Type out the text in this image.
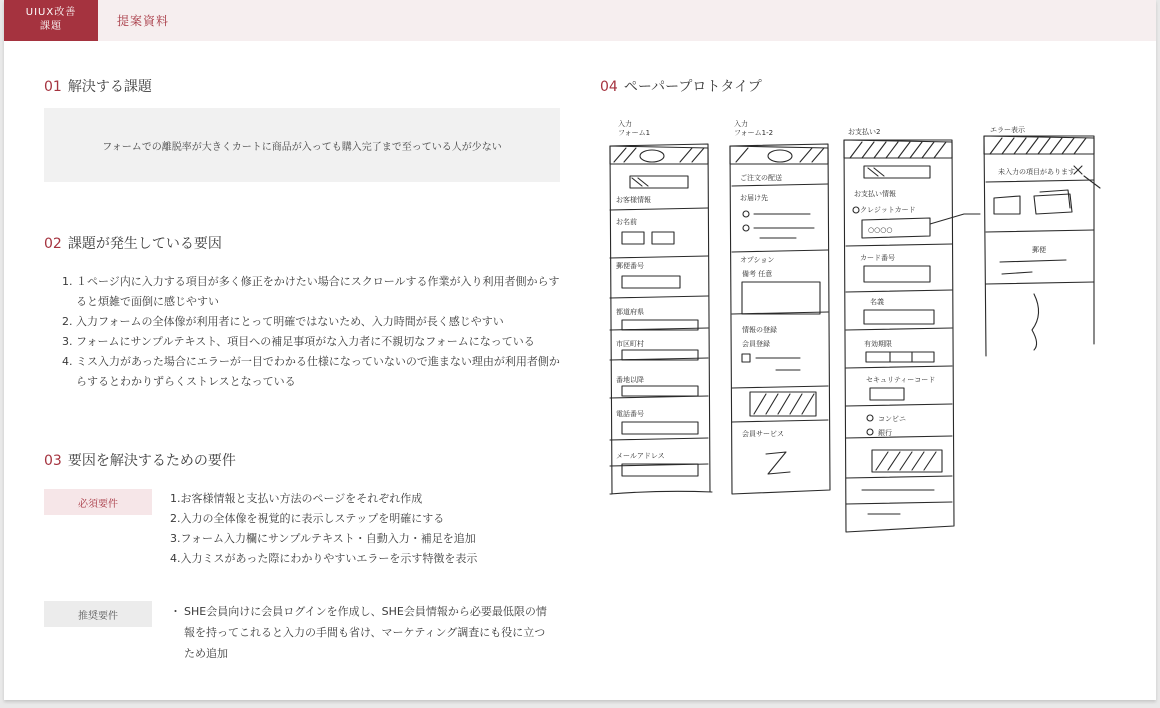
UIUX改善
課題	提案資料
01 解決する課題
フォームでの離脱率が大きくカートに商品が入っても購入完了まで至っている人が少ない
02 課題が発生している要因
1. １ページ内に入力する項目が多く修正をかけたい場合にスクロールする作業が入り利用者側からすると煩雑で面倒に感じやすい
2. 入力フォームの全体像が利用者にとって明確ではないため、入力時間が長く感じやすい
3. フォームにサンプルテキスト、項目への補足事項がな入力者に不親切なフォームになっている
4. ミス入力があった場合にエラーが一目でわかる仕様になっていないので進まない理由が利用者側からするとわかりずらくストレスとなっている
03 要因を解決するための要件
必須要件	1.お客様情報と支払い方法のページをそれぞれ作成
2.入力の全体像を視覚的に表示しステップを明確にする
3.フォーム入力欄にサンプルテキスト・自動入力・補足を追加
4.入力ミスがあった際にわかりやすいエラーを示す特徴を表示
推奨要件	・ SHE会員向けに会員ログインを作成し、SHE会員情報から必要最低限の情報を持ってこれると入力の手間も省け、マーケティング調査にも役に立つため追加
04 ペーパープロトタイプ
入力フォーム1
お客様情報
お名前
郵便番号
都道府県
市区町村
番地以降
電話番号
メールアドレス
入力フォーム1-2
ご注文の配送
お届け先
オプション
備考 任意
情報の登録
会員登録
会員サービス
お支払い2
お支払い情報
クレジットカード
○○○○
カード番号
名義
有効期限
セキュリティーコード
コンビニ
銀行
エラー表示
未入力の項目があります
郵便
